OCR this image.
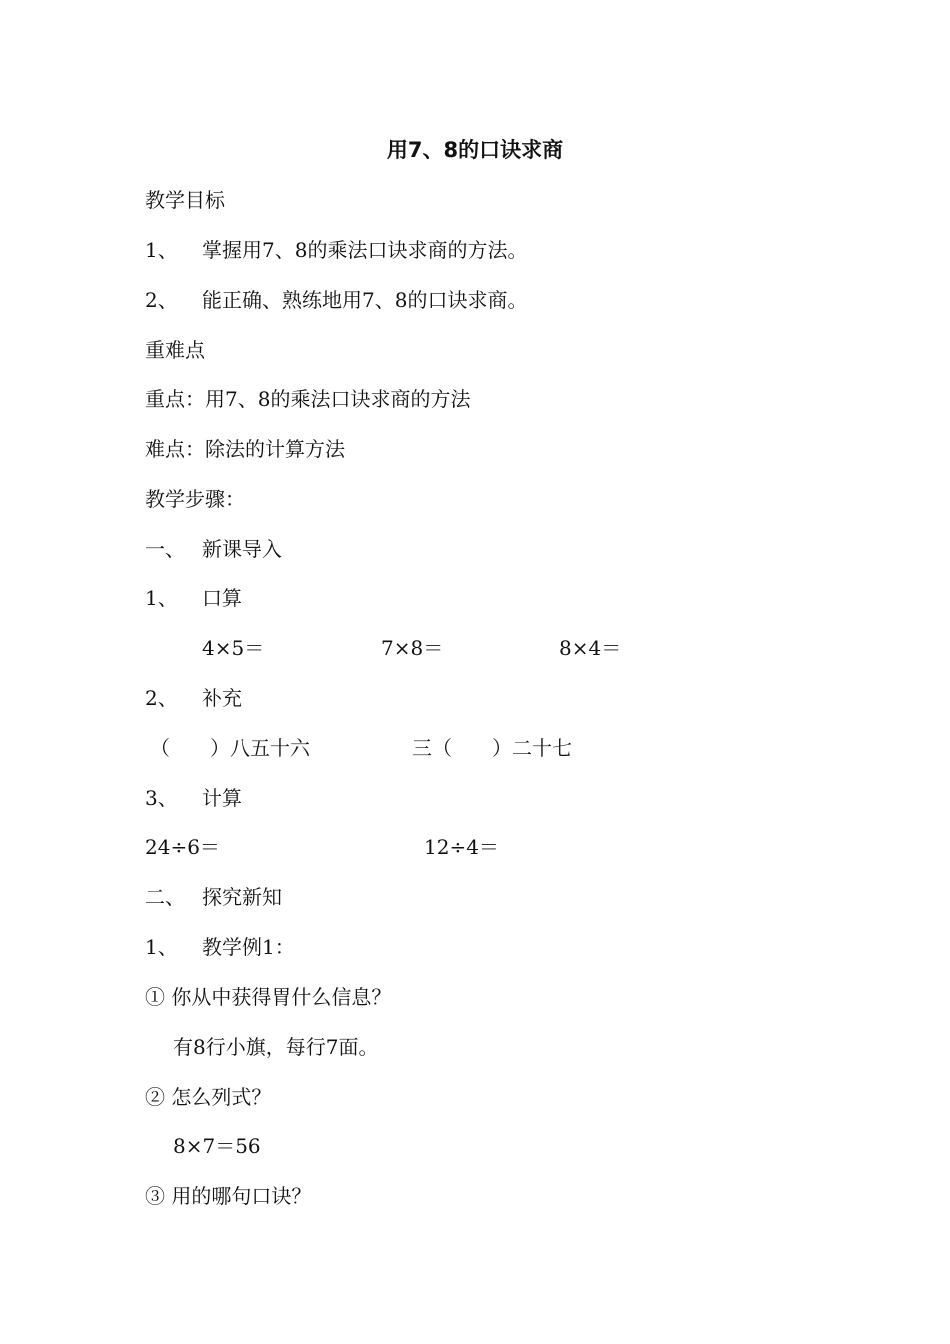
用7、8的口诀求商
教学目标
1、 掌握用7、8的乘法口诀求商的方法。
2、 能正确、熟练地用7、8的口诀求商。
重难点
重点：用7、8的乘法口诀求商的方法
难点：除法的计算方法
教学步骤：
一、 新课导入
1、 口算
4×5＝	7×8＝	8×4＝
2、 补充
（　　）八五十六	三（　　）二十七
3、 计算
24÷6＝	12÷4＝
二、 探究新知
1、 教学例1：
① 你从中获得胃什么信息？
有8行小旗，每行7面。
② 怎么列式？
8×7＝56
③ 用的哪句口诀？
